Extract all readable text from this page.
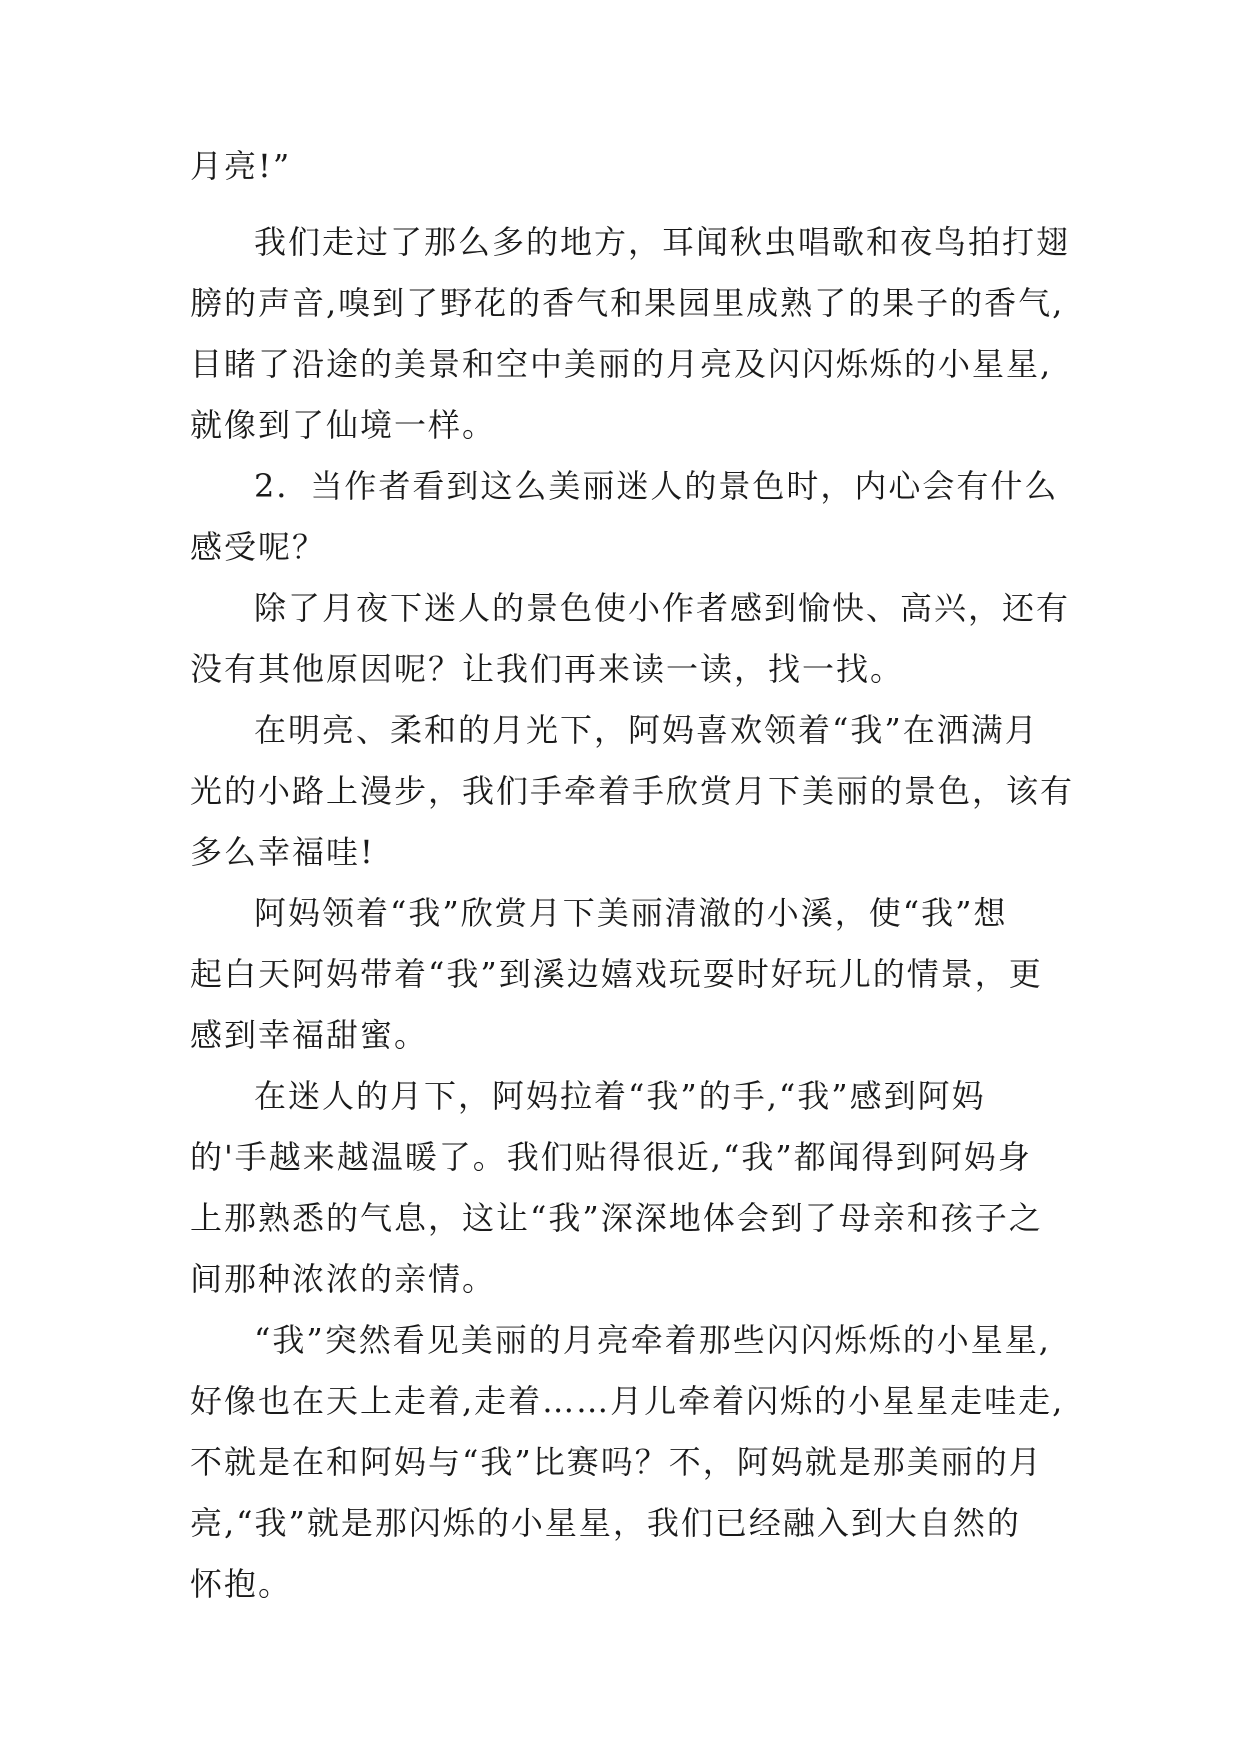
月亮!”

我们走过了那么多的地方，耳闻秋虫唱歌和夜鸟拍打翅

膀的声音,嗅到了野花的香气和果园里成熟了的果子的香气,

目睹了沿途的美景和空中美丽的月亮及闪闪烁烁的小星星,

就像到了仙境一样。

2．当作者看到这么美丽迷人的景色时，内心会有什么

感受呢？

除了月夜下迷人的景色使小作者感到愉快、高兴，还有

没有其他原因呢？让我们再来读一读，找一找。

在明亮、柔和的月光下，阿妈喜欢领着“我”在洒满月

光的小路上漫步，我们手牵着手欣赏月下美丽的景色，该有

多么幸福哇!

阿妈领着“我”欣赏月下美丽清澈的小溪，使“我”想

起白天阿妈带着“我”到溪边嬉戏玩耍时好玩儿的情景，更

感到幸福甜蜜。

在迷人的月下，阿妈拉着“我”的手,“我”感到阿妈

的'手越来越温暖了。我们贴得很近,“我”都闻得到阿妈身

上那熟悉的气息，这让“我”深深地体会到了母亲和孩子之

间那种浓浓的亲情。

“我”突然看见美丽的月亮牵着那些闪闪烁烁的小星星,

好像也在天上走着,走着……月儿牵着闪烁的小星星走哇走,

不就是在和阿妈与“我”比赛吗？不，阿妈就是那美丽的月

亮,“我”就是那闪烁的小星星，我们已经融入到大自然的

怀抱。
